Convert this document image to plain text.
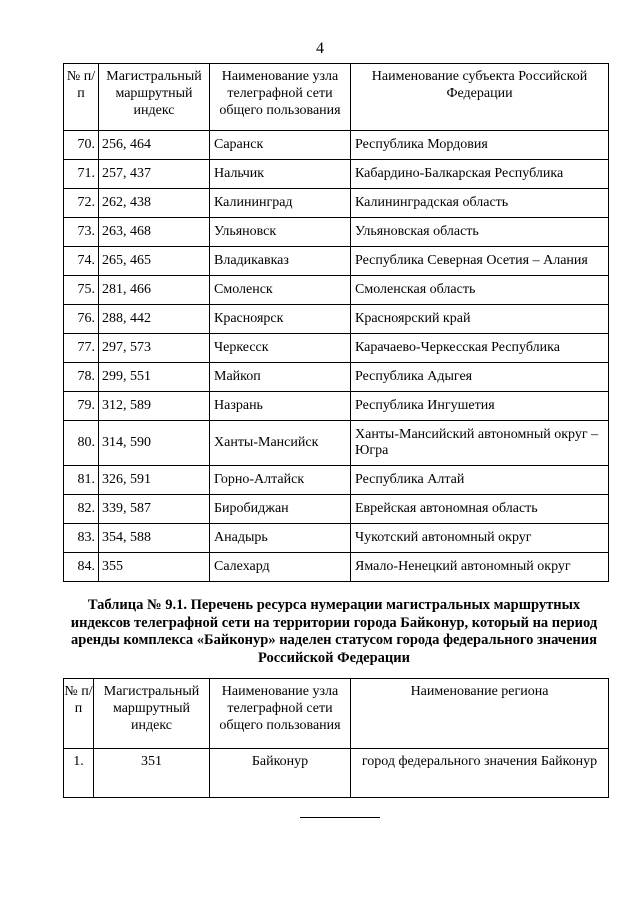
4
№ п/п	Магистральный маршрутный индекс	Наименование узла телеграфной сети общего пользования	Наименование субъекта Российской Федерации
70.	256, 464	Саранск	Республика Мордовия
71.	257, 437	Нальчик	Кабардино-Балкарская Республика
72.	262, 438	Калининград	Калининградская область
73.	263, 468	Ульяновск	Ульяновская область
74.	265, 465	Владикавказ	Республика Северная Осетия – Алания
75.	281, 466	Смоленск	Смоленская область
76.	288, 442	Красноярск	Красноярский край
77.	297, 573	Черкесск	Карачаево-Черкесская Республика
78.	299, 551	Майкоп	Республика Адыгея
79.	312, 589	Назрань	Республика Ингушетия
80.	314, 590	Ханты-Мансийск	Ханты-Мансийский автономный округ – Югра
81.	326, 591	Горно-Алтайск	Республика Алтай
82.	339, 587	Биробиджан	Еврейская автономная область
83.	354, 588	Анадырь	Чукотский автономный округ
84.	355	Салехард	Ямало-Ненецкий автономный округ
Таблица № 9.1. Перечень ресурса нумерации магистральных маршрутных индексов телеграфной сети на территории города Байконур, который на период аренды комплекса «Байконур» наделен статусом города федерального значения Российской Федерации
№ п/п	Магистральный маршрутный индекс	Наименование узла телеграфной сети общего пользования	Наименование региона
1.	351	Байконур	город федерального значения Байконур
